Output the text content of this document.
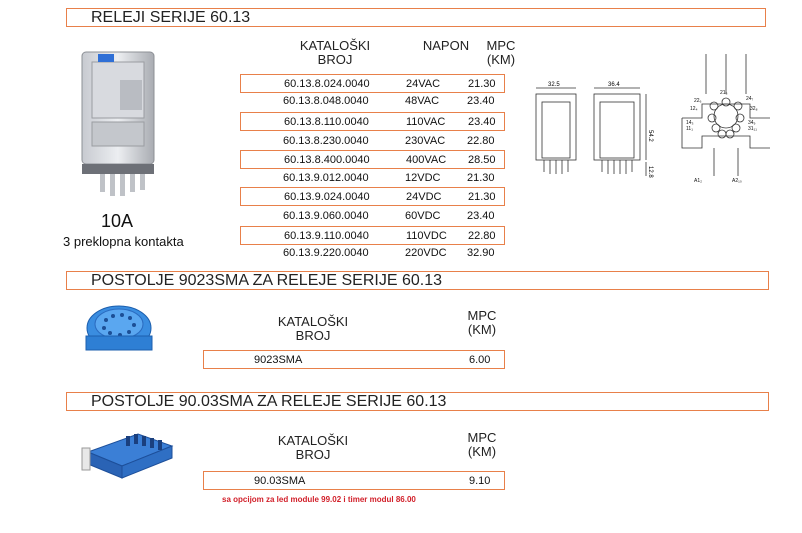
RELEJI SERIJE 60.13
10A
3 preklopna kontakta
KATALOŠKI
BROJ
NAPON	MPC
(KM)
60.13.8.024.0040	24VAC	21.30
60.13.8.048.0040	48VAC	23.40
60.13.8.110.0040	110VAC 23.40
60.13.8.230.0040	230VAC 22.80
60.13.8.400.0040	400VAC 28.50
60.13.9.012.0040	12VDC 21.30
60.13.9.024.0040	24VDC 21.30
60.13.9.060.0040	60VDC 23.40
60.13.9.110.0040	110VDC 22.80
60.13.9.220.0040	220VDC 32.90
32.5	36.4
54.2
12.8
22₆
21₅
24₇
12₄	32₈
14₃
11₁
34₉
31₁₁
A1₂	A2₁₀
POSTOLJE 9023SMA ZA RELEJE SERIJE 60.13
KATALOŠKI
BROJ
MPC
(KM)
9023SMA	6.00
POSTOLJE 90.03SMA ZA RELEJE SERIJE 60.13
KATALOŠKI
BROJ
MPC
(KM)
90.03SMA	9.10
sa opcijom za led module 99.02 i timer modul 86.00
